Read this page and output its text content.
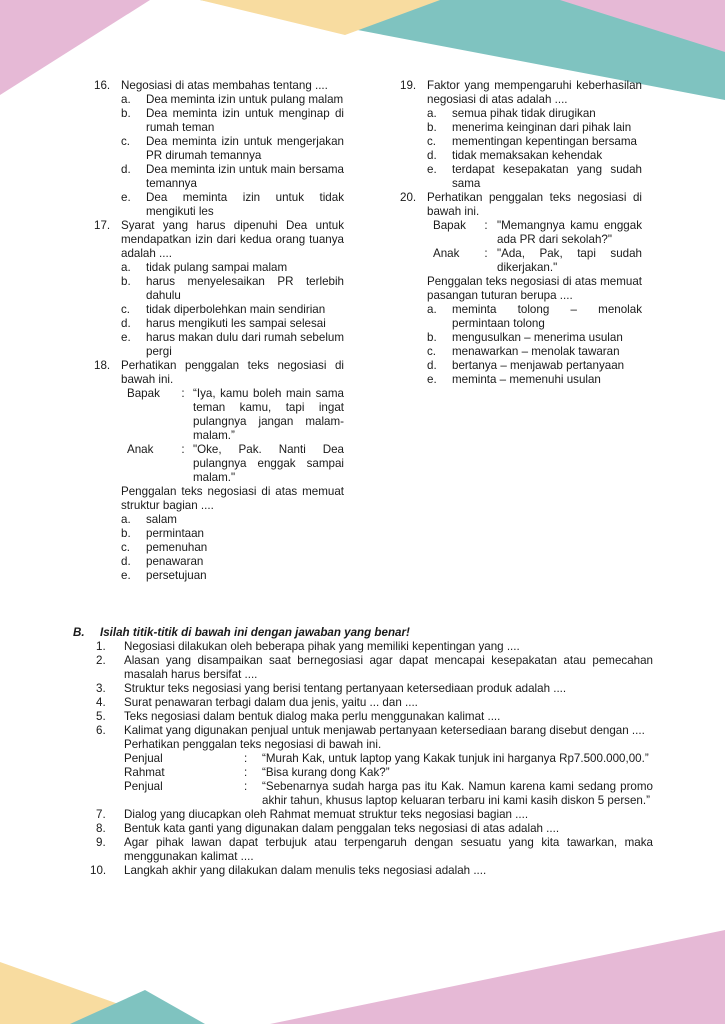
16. Negosiasi di atas membahas tentang ....
a. Dea meminta izin untuk pulang malam
b. Dea meminta izin untuk menginap di rumah teman
c. Dea meminta izin untuk mengerjakan PR dirumah temannya
d. Dea meminta izin untuk main bersama temannya
e. Dea meminta izin untuk tidak mengikuti les
17. Syarat yang harus dipenuhi Dea untuk mendapatkan izin dari kedua orang tuanya adalah ....
a. tidak pulang sampai malam
b. harus menyelesaikan PR terlebih dahulu
c. tidak diperbolehkan main sendirian
d. harus mengikuti les sampai selesai
e. harus makan dulu dari rumah sebelum pergi
18. Perhatikan penggalan teks negosiasi di bawah ini.
Bapak	: “Iya, kamu boleh main sama teman kamu, tapi ingat pulangnya jangan malam-malam.”
Anak	: "Oke, Pak. Nanti Dea pulangnya enggak sampai malam."
Penggalan teks negosiasi di atas memuat struktur bagian ....
a. salam
b. permintaan
c. pemenuhan
d. penawaran
e. persetujuan
19. Faktor yang mempengaruhi keberhasilan negosiasi di atas adalah ....
a. semua pihak tidak dirugikan
b. menerima keinginan dari pihak lain
c. mementingan kepentingan bersama
d. tidak memaksakan kehendak
e. terdapat kesepakatan yang sudah sama
20. Perhatikan penggalan teks negosiasi di bawah ini.
Bapak	: "Memangnya kamu enggak ada PR dari sekolah?"
Anak	: "Ada, Pak, tapi sudah dikerjakan."
Penggalan teks negosiasi di atas memuat pasangan tuturan berupa ....
a. meminta tolong – menolak permintaan tolong
b. mengusulkan – menerima usulan
c. menawarkan – menolak tawaran
d. bertanya – menjawab pertanyaan
e. meminta – memenuhi usulan
B. Isilah titik-titik di bawah ini dengan jawaban yang benar!
1. Negosiasi dilakukan oleh beberapa pihak yang memiliki kepentingan yang ....
2. Alasan yang disampaikan saat bernegosiasi agar dapat mencapai kesepakatan atau pemecahan masalah harus bersifat ....
3. Struktur teks negosiasi yang berisi tentang pertanyaan ketersediaan produk adalah ....
4. Surat penawaran terbagi dalam dua jenis, yaitu ... dan ....
5. Teks negosiasi dalam bentuk dialog maka perlu menggunakan kalimat ....
6. Kalimat yang digunakan penjual untuk menjawab pertanyaan ketersediaan barang disebut dengan ....
Perhatikan penggalan teks negosiasi di bawah ini.
Penjual	:	“Murah Kak, untuk laptop yang Kakak tunjuk ini harganya Rp7.500.000,00.”
Rahmat	:	“Bisa kurang dong Kak?”
Penjual	:	“Sebenarnya sudah harga pas itu Kak. Namun karena kami sedang promo akhir tahun, khusus laptop keluaran terbaru ini kami kasih diskon 5 persen.”
7. Dialog yang diucapkan oleh Rahmat memuat struktur teks negosiasi bagian ....
8. Bentuk kata ganti yang digunakan dalam penggalan teks negosiasi di atas adalah ....
9. Agar pihak lawan dapat terbujuk atau terpengaruh dengan sesuatu yang kita tawarkan, maka menggunakan kalimat ....
10. Langkah akhir yang dilakukan dalam menulis teks negosiasi adalah ....
